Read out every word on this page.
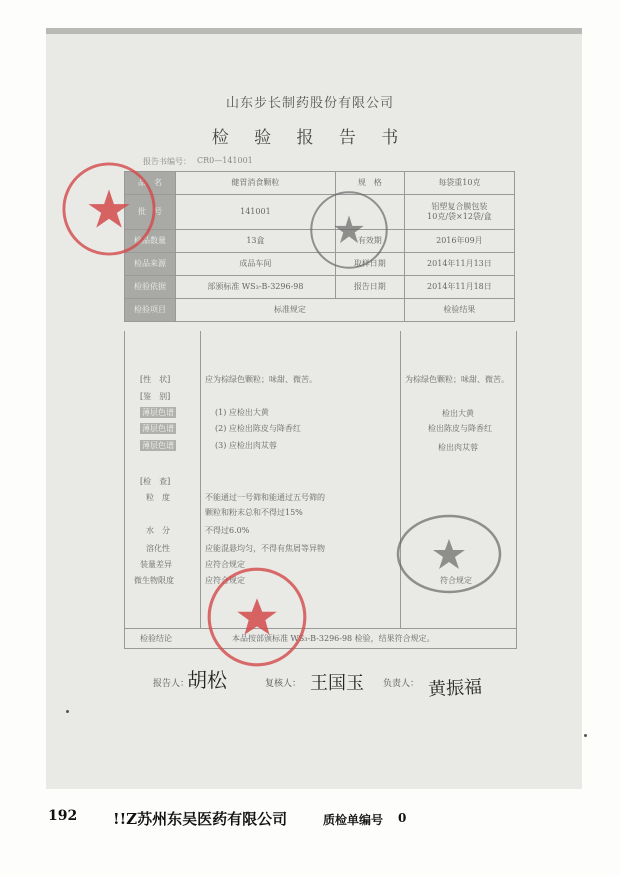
山东步长制药股份有限公司
检 验 报 告 书
报告书编号： CR0—141001
品　名	健胃消食颗粒	规　格	每袋重10克
批　号	141001		铝塑复合膜包装
10克/袋×12袋/盒

检品数量	13盒	有效期	2016年09月
检品来源	成品车间	取样日期	2014年11月13日
检验依据	部颁标准 WS₃-B-3296-98	报告日期	2014年11月18日
检验项目	标准规定		检验结果
[性　状]	应为棕绿色颗粒；味甜、微苦。	为棕绿色颗粒；味甜、微苦。
[鉴　别]
薄层色谱	(1) 应检出大黄	检出大黄
薄层色谱	(2) 应检出陈皮与降香红	检出陈皮与降香红
薄层色谱	(3) 应检出肉苁蓉	检出肉苁蓉
[检　查]
粒　度	不能通过一号筛和能通过五号筛的
颗粒和粉末总和不得过15%
水　分	不得过6.0%
溶化性	应能混悬均匀，不得有焦屑等异物
装量差异	应符合规定
微生物限度	应符合规定	符合规定
检验结论	本品按部颁标准 WS₃-B-3296-98 检验，结果符合规定。
报告人：
胡松	复核人： 王国玉 负责人： 黄振福
192 !!Z苏州东吴医药有限公司	质检单编号 0
